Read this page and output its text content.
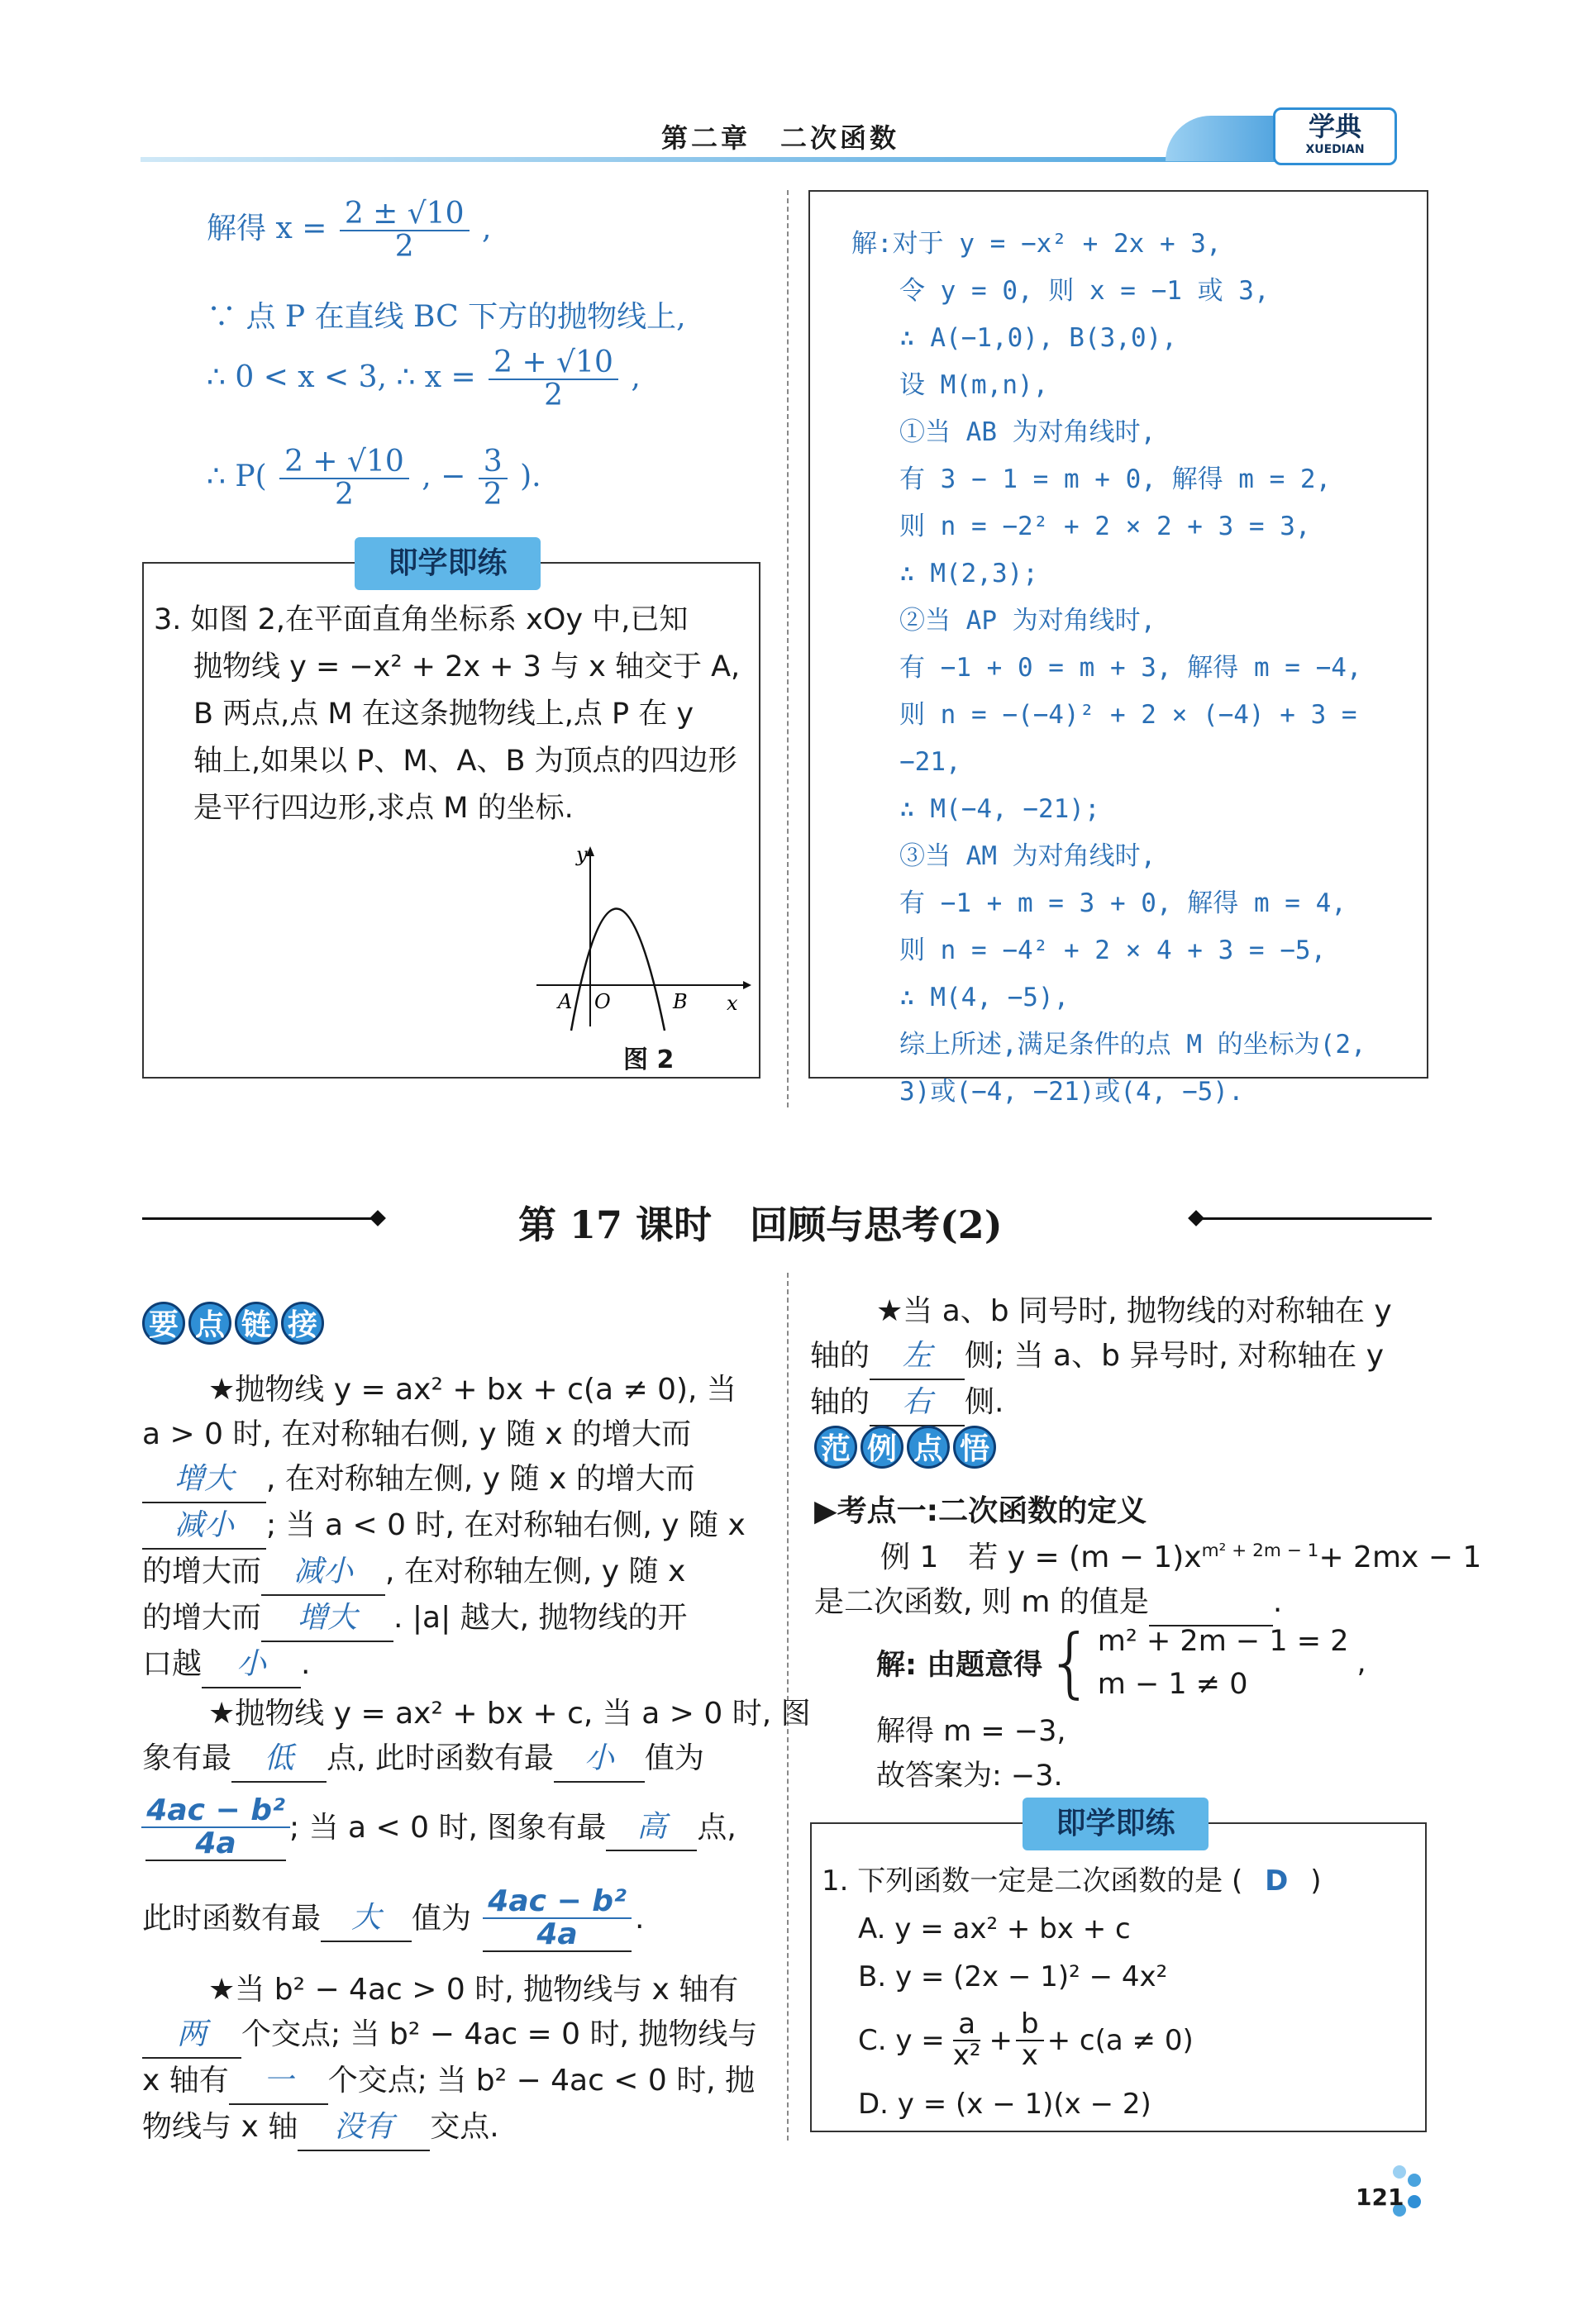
第二章　二次函数	学典
XUEDIAN
解得 $x = \frac{2 \pm √10}{2}$ ,
∵ 点 P 在直线 BC 下方的抛物线上,
∴ 0 < x < 3, ∴ $x = \frac{2 + √10}{2}$ ,
∴ $P( \frac{2 + √10}{2}$ , − $\frac{3}{2}$ ).
即学即练
3. 如图 2,在平面直角坐标系 xOy 中,已知
抛物线 y = −x² + 2x + 3 与 x 轴交于 A,
B 两点,点 M 在这条抛物线上,点 P 在 y
轴上,如果以 P、M、A、B 为顶点的四边形
是平行四边形,求点 M 的坐标.
y
x
A O	B
图 2
解:对于 y = −x² + 2x + 3,
令 y = 0, 则 x = −1 或 3,
∴ A(−1,0), B(3,0),
设 M(m,n),
①当 AB 为对角线时,
有 3 − 1 = m + 0, 解得 m = 2,
则 n = −2² + 2 × 2 + 3 = 3,
∴ M(2,3);
②当 AP 为对角线时,
有 −1 + 0 = m + 3, 解得 m = −4,
则 n = −(−4)² + 2 × (−4) + 3 = −21,
∴ M(−4, −21);
③当 AM 为对角线时,
有 −1 + m = 3 + 0, 解得 m = 4,
则 n = −4² + 2 × 4 + 3 = −5,
∴ M(4, −5),
综上所述,满足条件的点 M 的坐标为(2,
3)或(−4, −21)或(4, −5).
第 17 课时　回顾与思考(2)
要 点 链 接
★抛物线 y = ax² + bx + c(a ≠ 0), 当
a > 0 时, 在对称轴右侧, y 随 x 的增大而
增大 , 在对称轴左侧, y 随 x 的增大而
减小 ; 当 a < 0 时, 在对称轴右侧, y 随 x
的增大而 减小 , 在对称轴左侧, y 随 x
的增大而 增大 . |a| 越大, 抛物线的开
口越 小 .
★抛物线 y = ax² + bx + c, 当 a > 0 时, 图
象有最 低 点, 此时函数有最 小 值为
$\frac{\text{4ac − b²}}{4a}$ ; 当 a < 0 时, 图象有最	高	点,
此时函数有最	大	值为 $\frac{\text{4ac − b²}}{4a}$ .
★当 b² − 4ac > 0 时, 抛物线与 x 轴有
两 个交点; 当 b² − 4ac = 0 时, 抛物线与
x 轴有 一 个交点; 当 b² − 4ac < 0 时, 抛
物线与 x 轴 没有 交点.
★当 a、b 同号时, 抛物线的对称轴在 y
轴的 左 侧; 当 a、b 异号时, 对称轴在 y
轴的 右 侧.
范 例 点 悟
▶考点一:二次函数的定义
例 1　若 $y = (m - 1)x^{m^2 + 2m - 1}+ 2mx - 1$
是二次函数, 则 m 的值是	.
解: 由题意得 { m² + 2m − 1 = 2
m − 1 ≠ 0
,
解得 m = −3,
故答案为: −3.
即学即练
1. 下列函数一定是二次函数的是 ( D )
A. y = ax² + bx + c
B. y = (2x − 1)² − 4x²
C. $y = \frac{a}{\text{x²}} + \frac{b}{x} + c(a \ne 0)$
D. y = (x − 1)(x − 2)
121
